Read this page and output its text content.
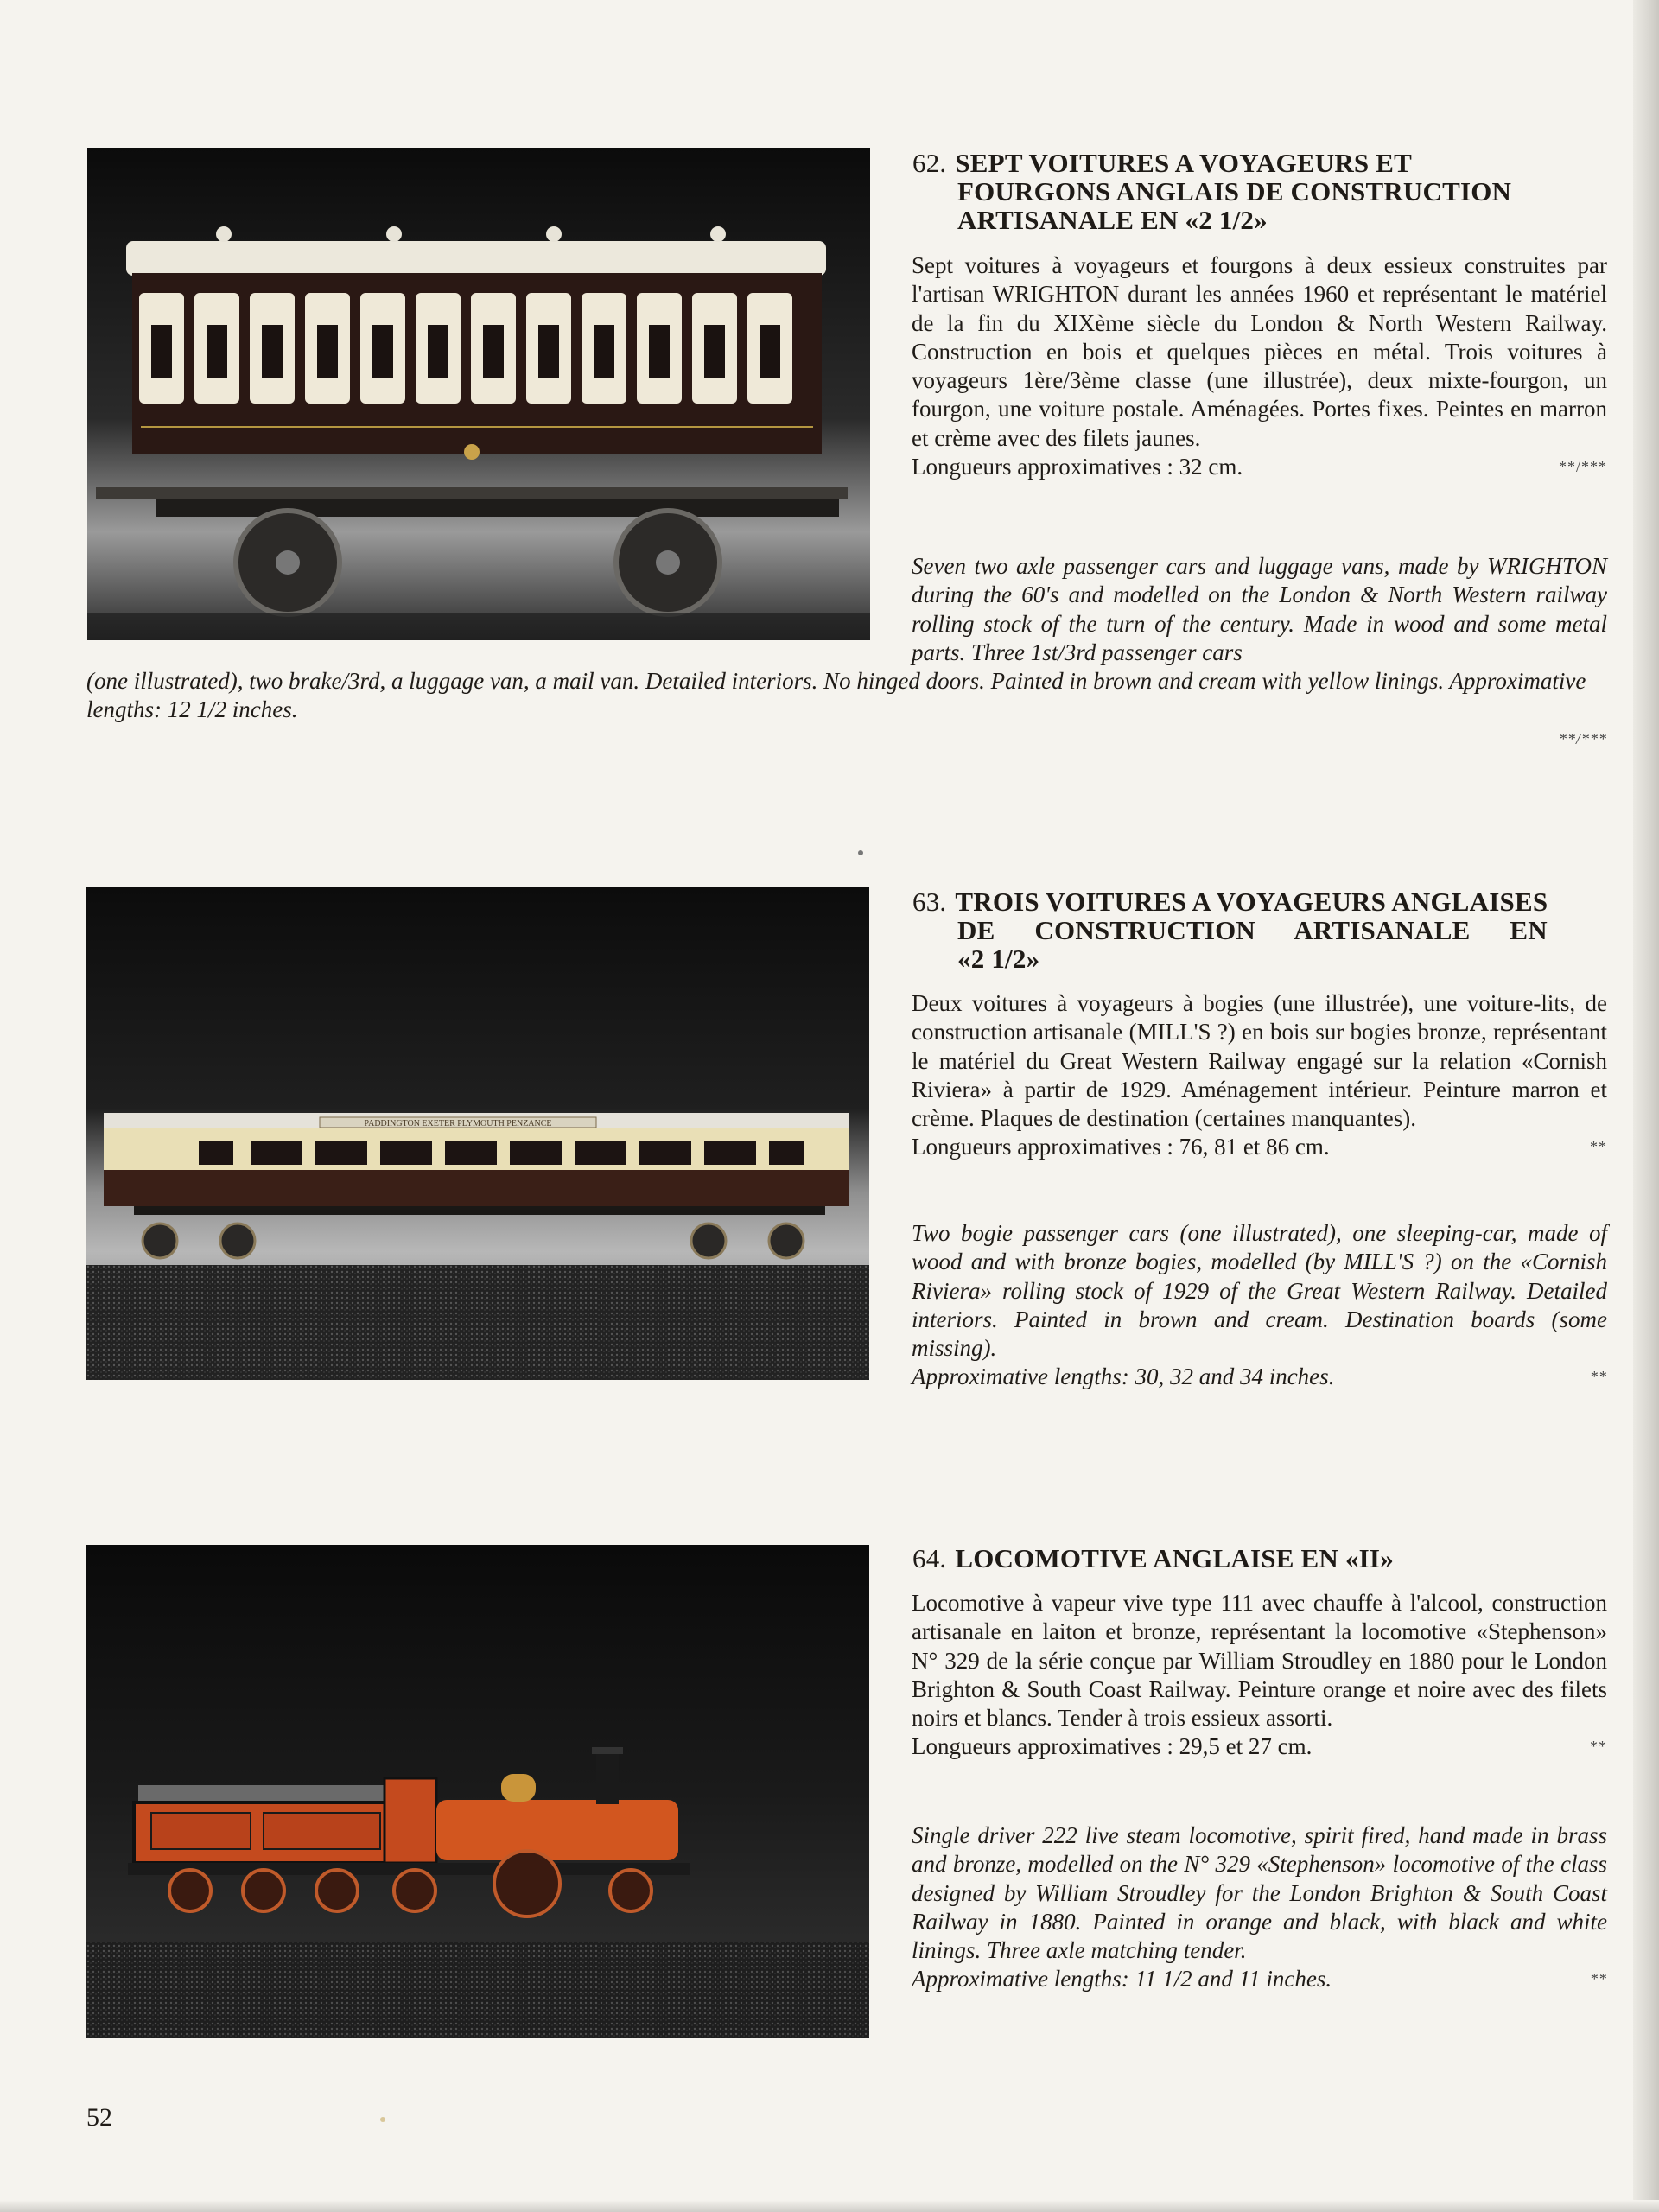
62. SEPT VOITURES A VOYAGEURS ET
FOURGONS ANGLAIS DE CONSTRUCTION
ARTISANALE EN «2 1/2»
Sept voitures à voyageurs et fourgons à deux essieux construites par l'artisan WRIGHTON durant les années 1960 et représentant le matériel de la fin du XIXème siècle du London & North Western Railway. Construction en bois et quelques pièces en métal. Trois voitures à voyageurs 1ère/3ème classe (une illustrée), deux mixte-fourgon, un fourgon, une voiture postale. Aménagées. Portes fixes. Peintes en marron et crème avec des filets jaunes.
Longueurs approximatives : 32 cm.	**/***
Seven two axle passenger cars and luggage vans, made by WRIGHTON during the 60's and modelled on the London & North Western railway rolling stock of the turn of the century. Made in wood and some metal parts. Three 1st/3rd passenger cars
(one illustrated), two brake/3rd, a luggage van, a mail van. Detailed interiors. No hinged doors. Painted in brown and cream with yellow linings. Approximative lengths: 12 1/2 inches.
**/***
PADDINGTON EXETER PLYMOUTH PENZANCE
63. TROIS VOITURES A VOYAGEURS ANGLAISES
DE CONSTRUCTION ARTISANALE EN
«2 1/2»
Deux voitures à voyageurs à bogies (une illustrée), une voiture-lits, de construction artisanale (MILL'S ?) en bois sur bogies bronze, représentant le matériel du Great Western Railway engagé sur la relation «Cornish Riviera» à partir de 1929. Aménagement intérieur. Peinture marron et crème. Plaques de destination (certaines manquantes).
Longueurs approximatives : 76, 81 et 86 cm.	**
Two bogie passenger cars (one illustrated), one sleeping-car, made of wood and with bronze bogies, modelled (by MILL'S ?) on the «Cornish Riviera» rolling stock of 1929 of the Great Western Railway. Detailed interiors. Painted in brown and cream. Destination boards (some missing).
Approximative lengths: 30, 32 and 34 inches.	**
64. LOCOMOTIVE ANGLAISE EN «II»
Locomotive à vapeur vive type 111 avec chauffe à l'alcool, construction artisanale en laiton et bronze, représentant la locomotive «Stephenson» N° 329 de la série conçue par William Stroudley en 1880 pour le London Brighton & South Coast Railway. Peinture orange et noire avec des filets noirs et blancs. Tender à trois essieux assorti.
Longueurs approximatives : 29,5 et 27 cm.	**
Single driver 222 live steam locomotive, spirit fired, hand made in brass and bronze, modelled on the N° 329 «Stephenson» locomotive of the class designed by William Stroudley for the London Brighton & South Coast Railway in 1880. Painted in orange and black, with black and white linings. Three axle matching tender.
Approximative lengths: 11 1/2 and 11 inches.	**
52
